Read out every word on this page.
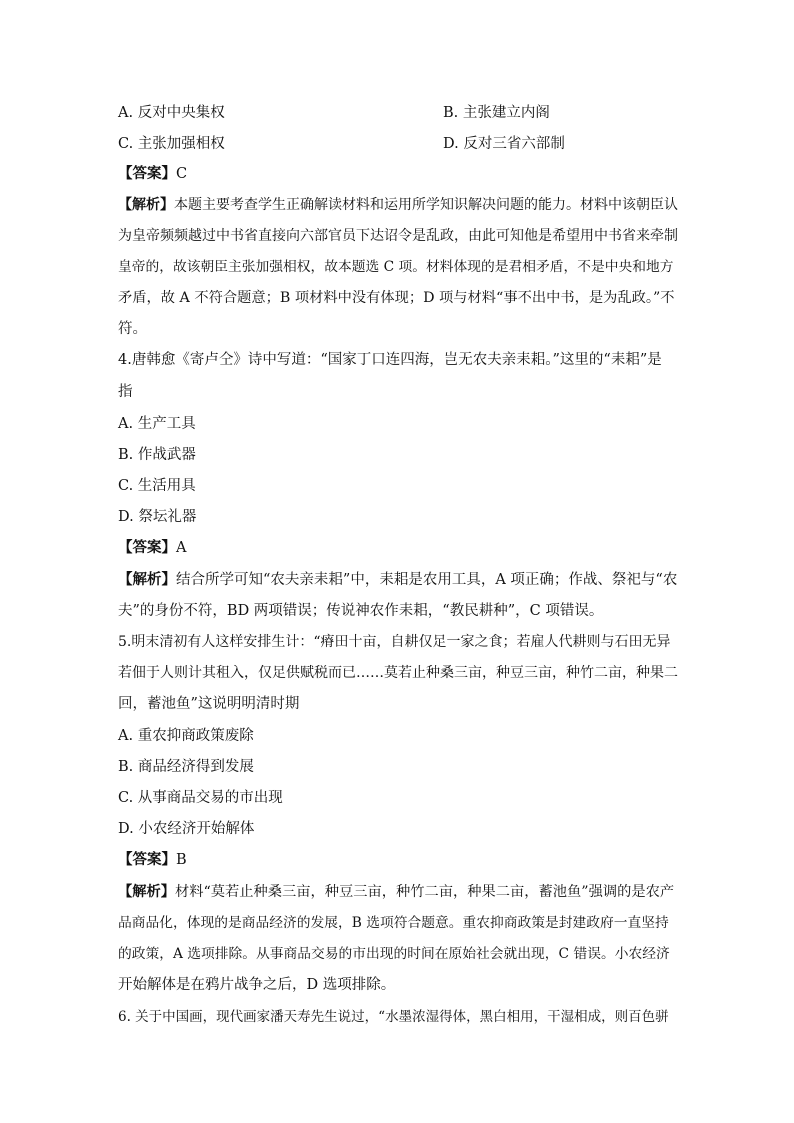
A. 反对中央集权	B. 主张建立内阁
C. 主张加强相权	D. 反对三省六部制
【答案】C
【解析】本题主要考查学生正确解读材料和运用所学知识解决问题的能力。材料中该朝臣认
为皇帝频频越过中书省直接向六部官员下达诏令是乱政，由此可知他是希望用中书省来牵制
皇帝的，故该朝臣主张加强相权，故本题选 C 项。材料体现的是君相矛盾，不是中央和地方
矛盾，故 A 不符合题意；B 项材料中没有体现；D 项与材料“事不出中书，是为乱政。”不
符。
4.唐韩愈《寄卢仝》诗中写道：“国家丁口连四海，岂无农夫亲耒耜。”这里的“耒耜”是
指
A. 生产工具
B. 作战武器
C. 生活用具
D. 祭坛礼器
【答案】A
【解析】结合所学可知“农夫亲耒耜”中，耒耜是农用工具，A 项正确；作战、祭祀与“农
夫”的身份不符，BD 两项错误；传说神农作耒耜，“教民耕种”，C 项错误。
5.明末清初有人这样安排生计：“瘠田十亩，自耕仅足一家之食；若雇人代耕则与石田无异
若佃于人则计其租入，仅足供赋税而已……莫若止种桑三亩，种豆三亩，种竹二亩，种果二
回，蓄池鱼”这说明明清时期
A. 重农抑商政策废除
B. 商品经济得到发展
C. 从事商品交易的市出现
D. 小农经济开始解体
【答案】B
【解析】材料“莫若止种桑三亩，种豆三亩，种竹二亩，种果二亩，蓄池鱼”强调的是农产
品商品化，体现的是商品经济的发展，B 选项符合题意。重农抑商政策是封建政府一直坚持
的政策，A 选项排除。从事商品交易的市出现的时间在原始社会就出现，C 错误。小农经济
开始解体是在鸦片战争之后，D 选项排除。
6. 关于中国画，现代画家潘天寿先生说过，“水墨浓湿得体，黑白相用，干湿相成，则百色骈
